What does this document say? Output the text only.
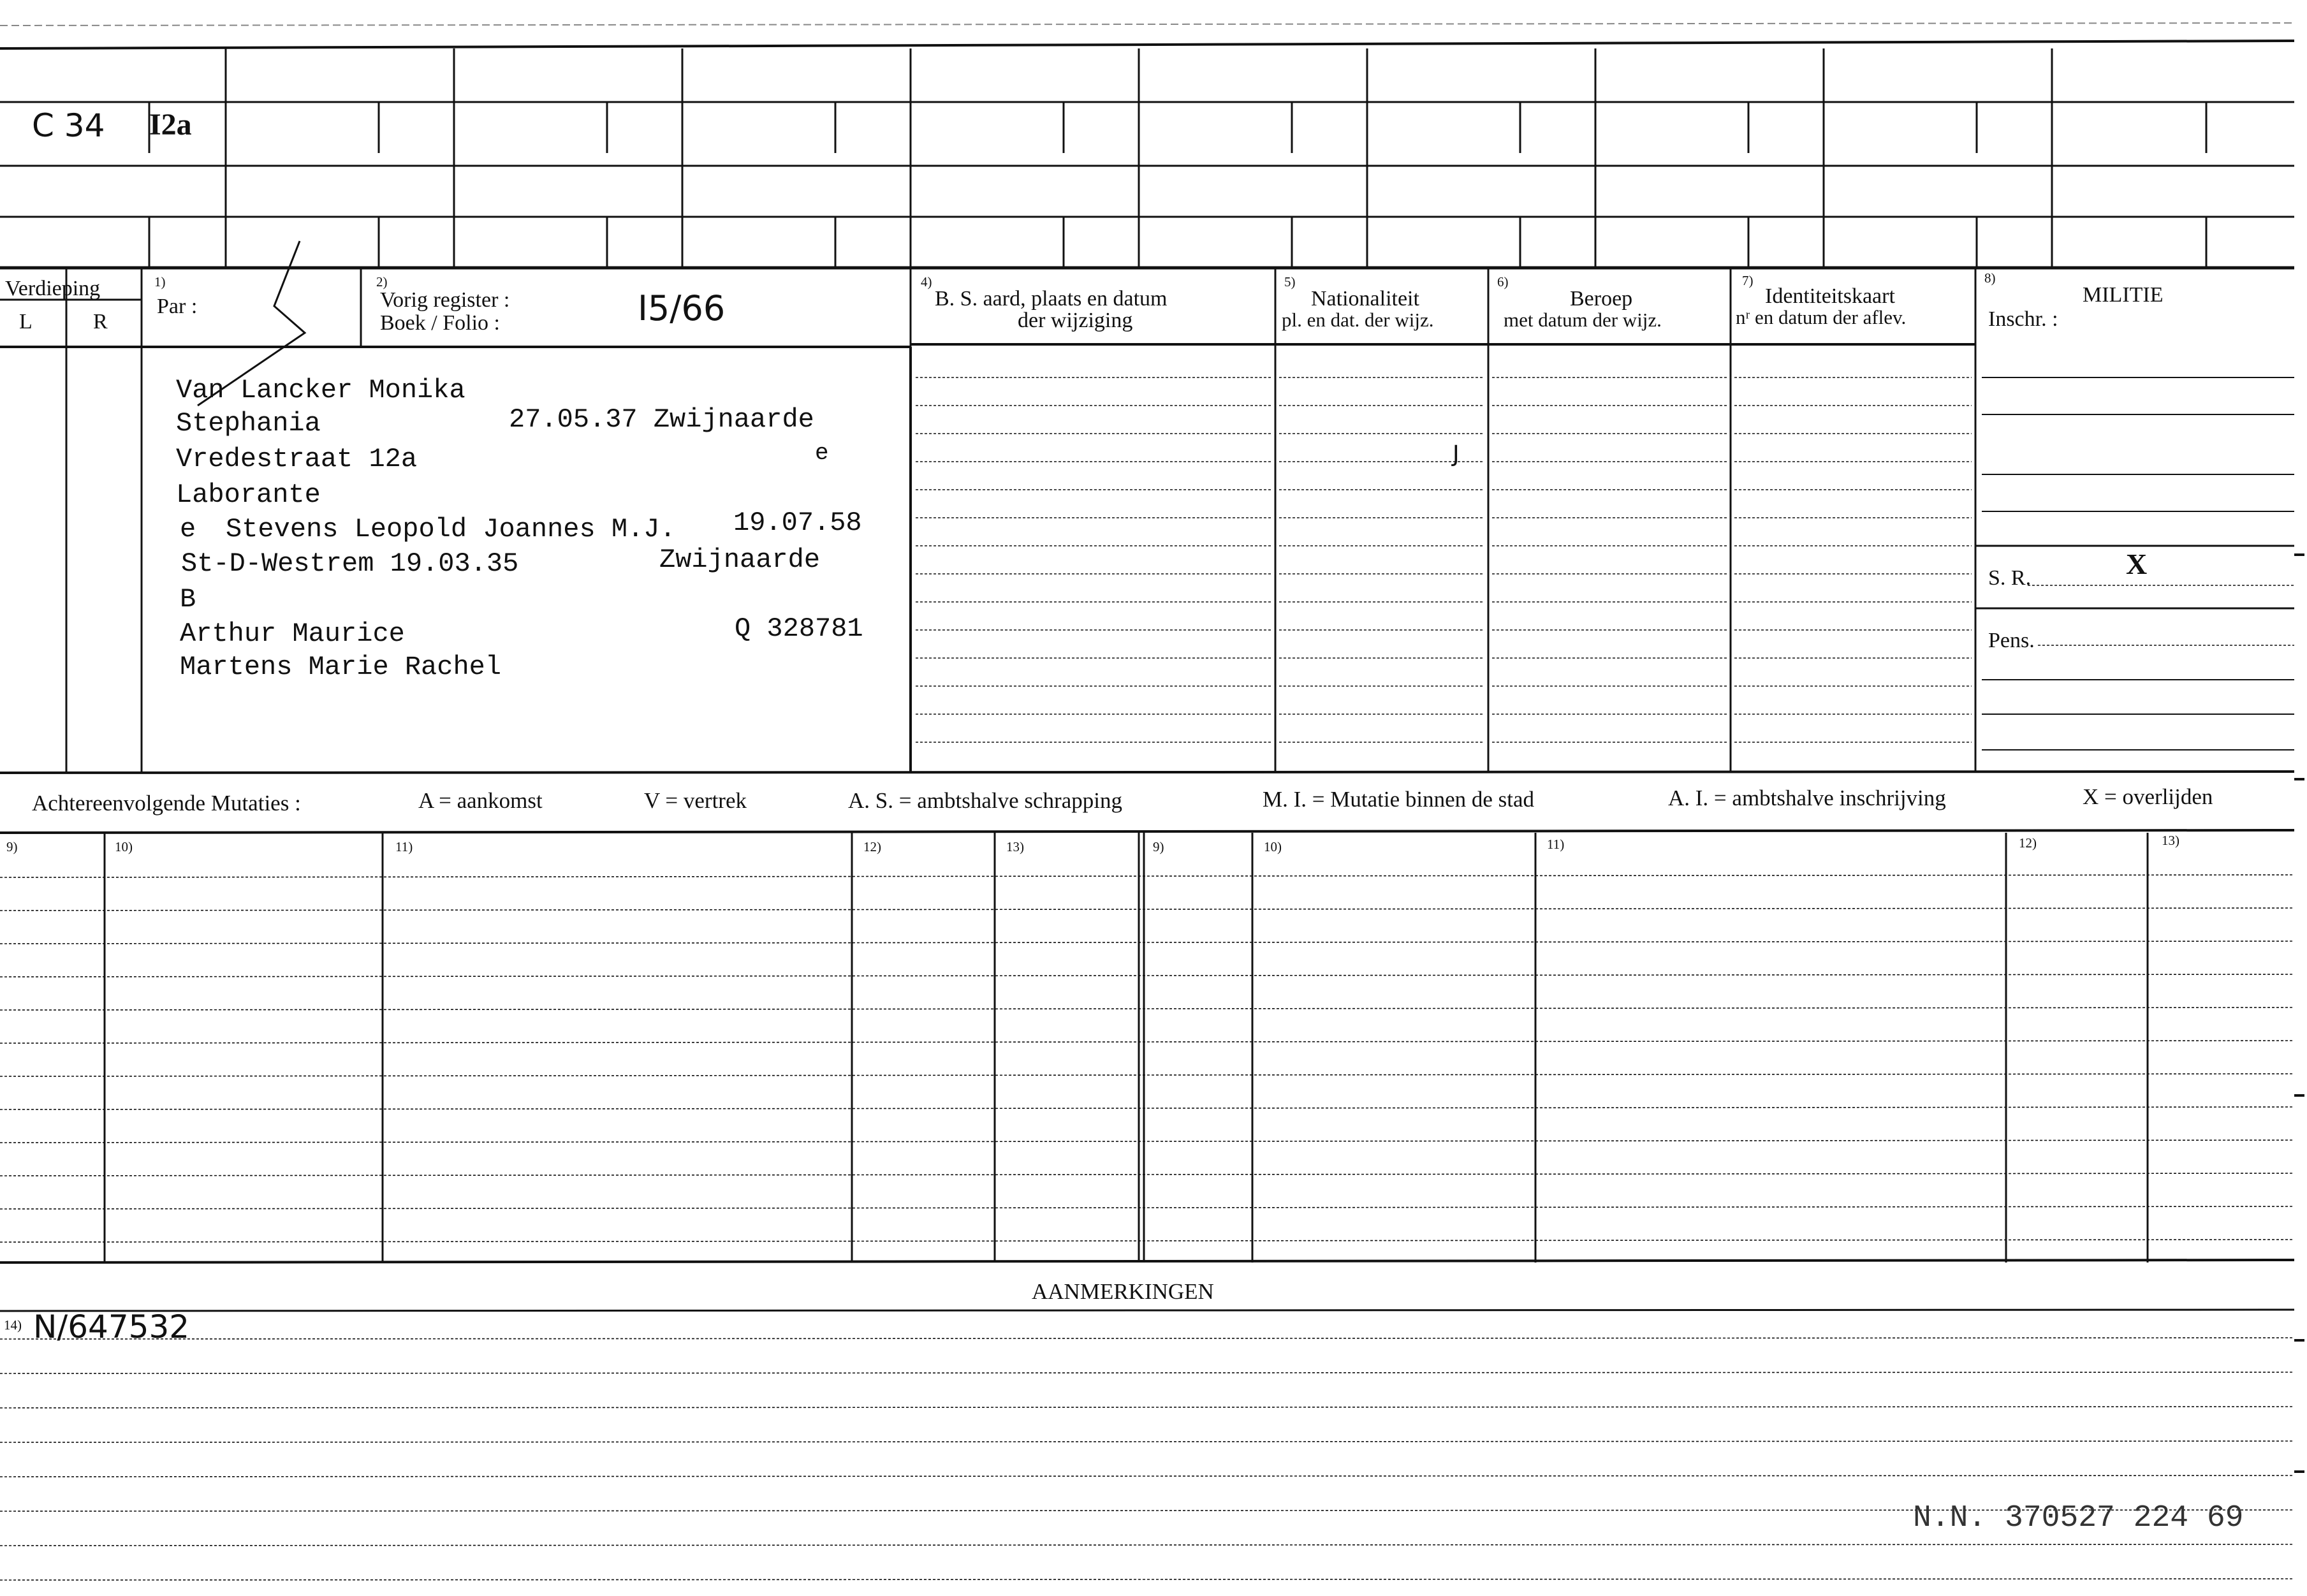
C 34 I2a
Verdieping
L	R
1)
Par :
2)
Vorig register :
Boek / Folio :	I5/66
4)
B. S. aard, plaats en datum
der wijziging
5)
Nationaliteit
pl. en dat. der wijz.
6)
Beroep
met datum der wijz.
7)
Identiteitskaart
nʳ en datum der aflev.
8)
MILITIE
Inschr. :
Van Lancker Monika
Stephania	27.05.37 Zwijnaarde
Vredestraat 12a	e
Laborante
e Stevens Leopold Joannes M.J. 19.07.58
St-D-Westrem 19.03.35	Zwijnaarde
B
Arthur Maurice	Q 328781
Martens Marie Rachel
J
S. R.	X
Pens.
Achtereenvolgende Mutaties :	A = aankomst	V = vertrek	A. S. = ambtshalve schrapping	M. I. = Mutatie binnen de stad	A. I. = ambtshalve inschrijving	X = overlijden
9)	10)	11)	12)	13)	9)	10)	11)	12)	13)
AANMERKINGEN
14) N/647532
N.N. 370527 224 69
